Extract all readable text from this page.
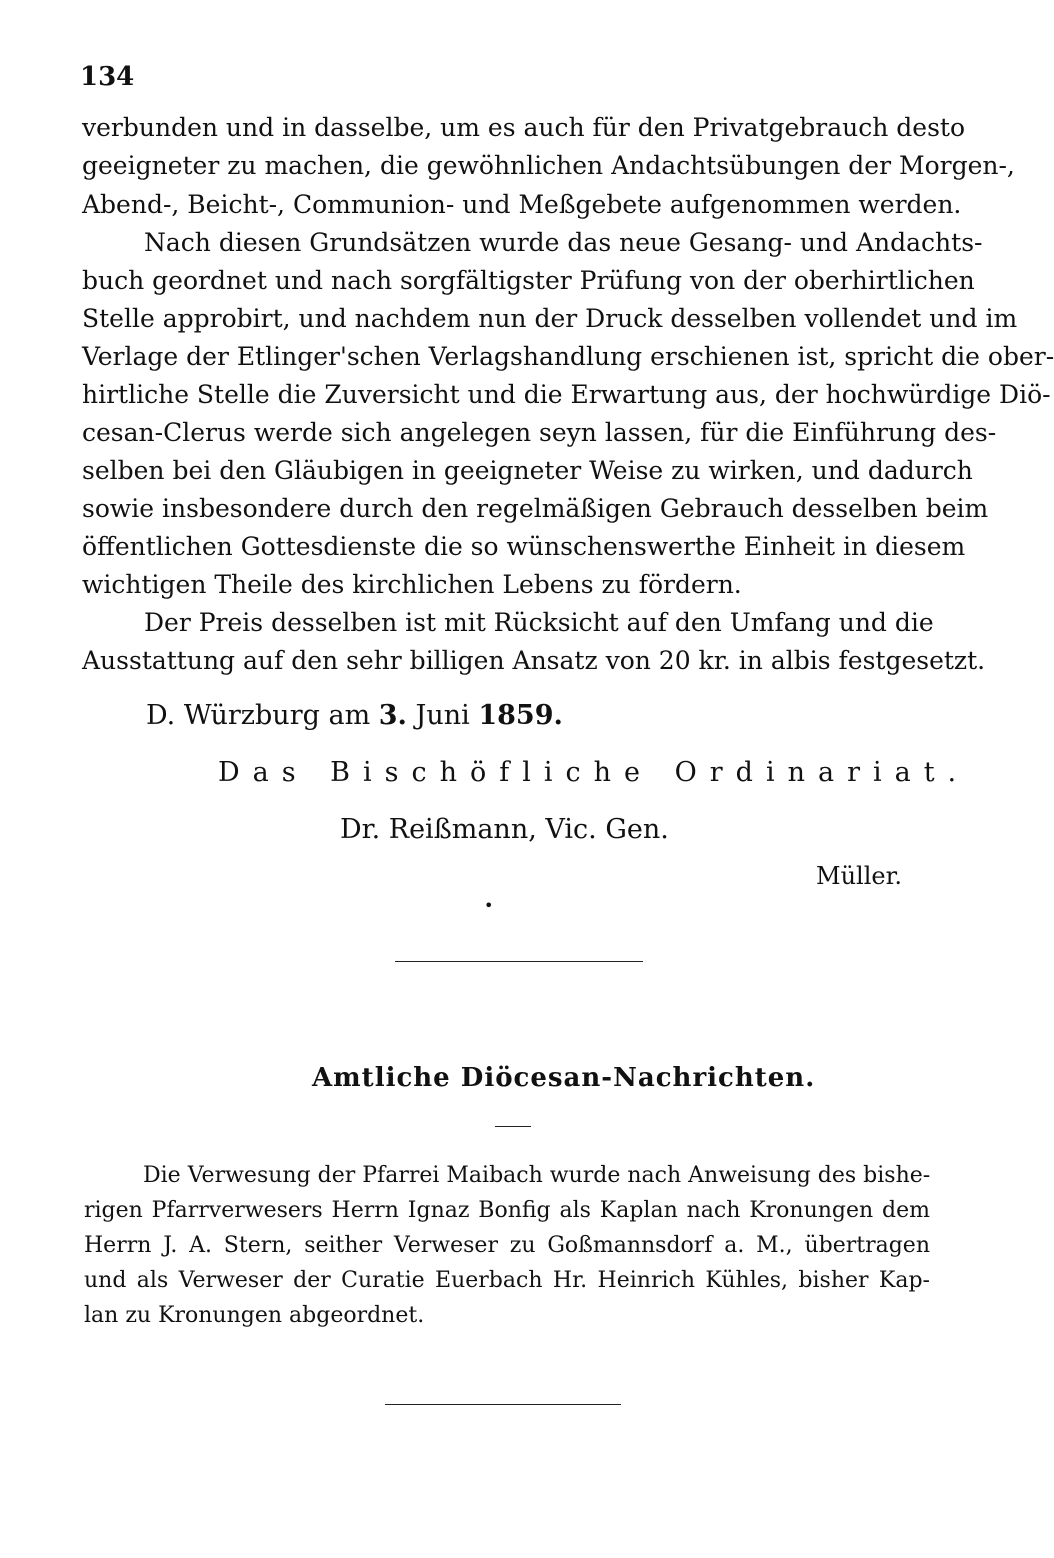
134
verbunden und in dasselbe, um es auch für den Privatgebrauch desto
geeigneter zu machen, die gewöhnlichen Andachtsübungen der Morgen-,
Abend-, Beicht-, Communion- und Meßgebete aufgenommen werden.
Nach diesen Grundsätzen wurde das neue Gesang- und Andachts-
buch geordnet und nach sorgfältigster Prüfung von der oberhirtlichen
Stelle approbirt, und nachdem nun der Druck desselben vollendet und im
Verlage der Etlinger'schen Verlagshandlung erschienen ist, spricht die ober-
hirtliche Stelle die Zuversicht und die Erwartung aus, der hochwürdige Diö-
cesan-Clerus werde sich angelegen seyn lassen, für die Einführung des-
selben bei den Gläubigen in geeigneter Weise zu wirken, und dadurch
sowie insbesondere durch den regelmäßigen Gebrauch desselben beim
öffentlichen Gottesdienste die so wünschenswerthe Einheit in diesem
wichtigen Theile des kirchlichen Lebens zu fördern.
Der Preis desselben ist mit Rücksicht auf den Umfang und die
Ausstattung auf den sehr billigen Ansatz von 20 kr. in albis festgesetzt.
D. Würzburg am 3. Juni 1859.
Das Bischöfliche Ordinariat.
Dr. Reißmann, Vic. Gen.
Müller.
•
Amtliche Diöcesan-Nachrichten.
Die Verwesung der Pfarrei Maibach wurde nach Anweisung des bishe-
rigen Pfarrverwesers Herrn Ignaz Bonfig als Kaplan nach Kronungen dem
Herrn J. A. Stern, seither Verweser zu Goßmannsdorf a. M., übertragen
und als Verweser der Curatie Euerbach Hr. Heinrich Kühles, bisher Kap-
lan zu Kronungen abgeordnet.
